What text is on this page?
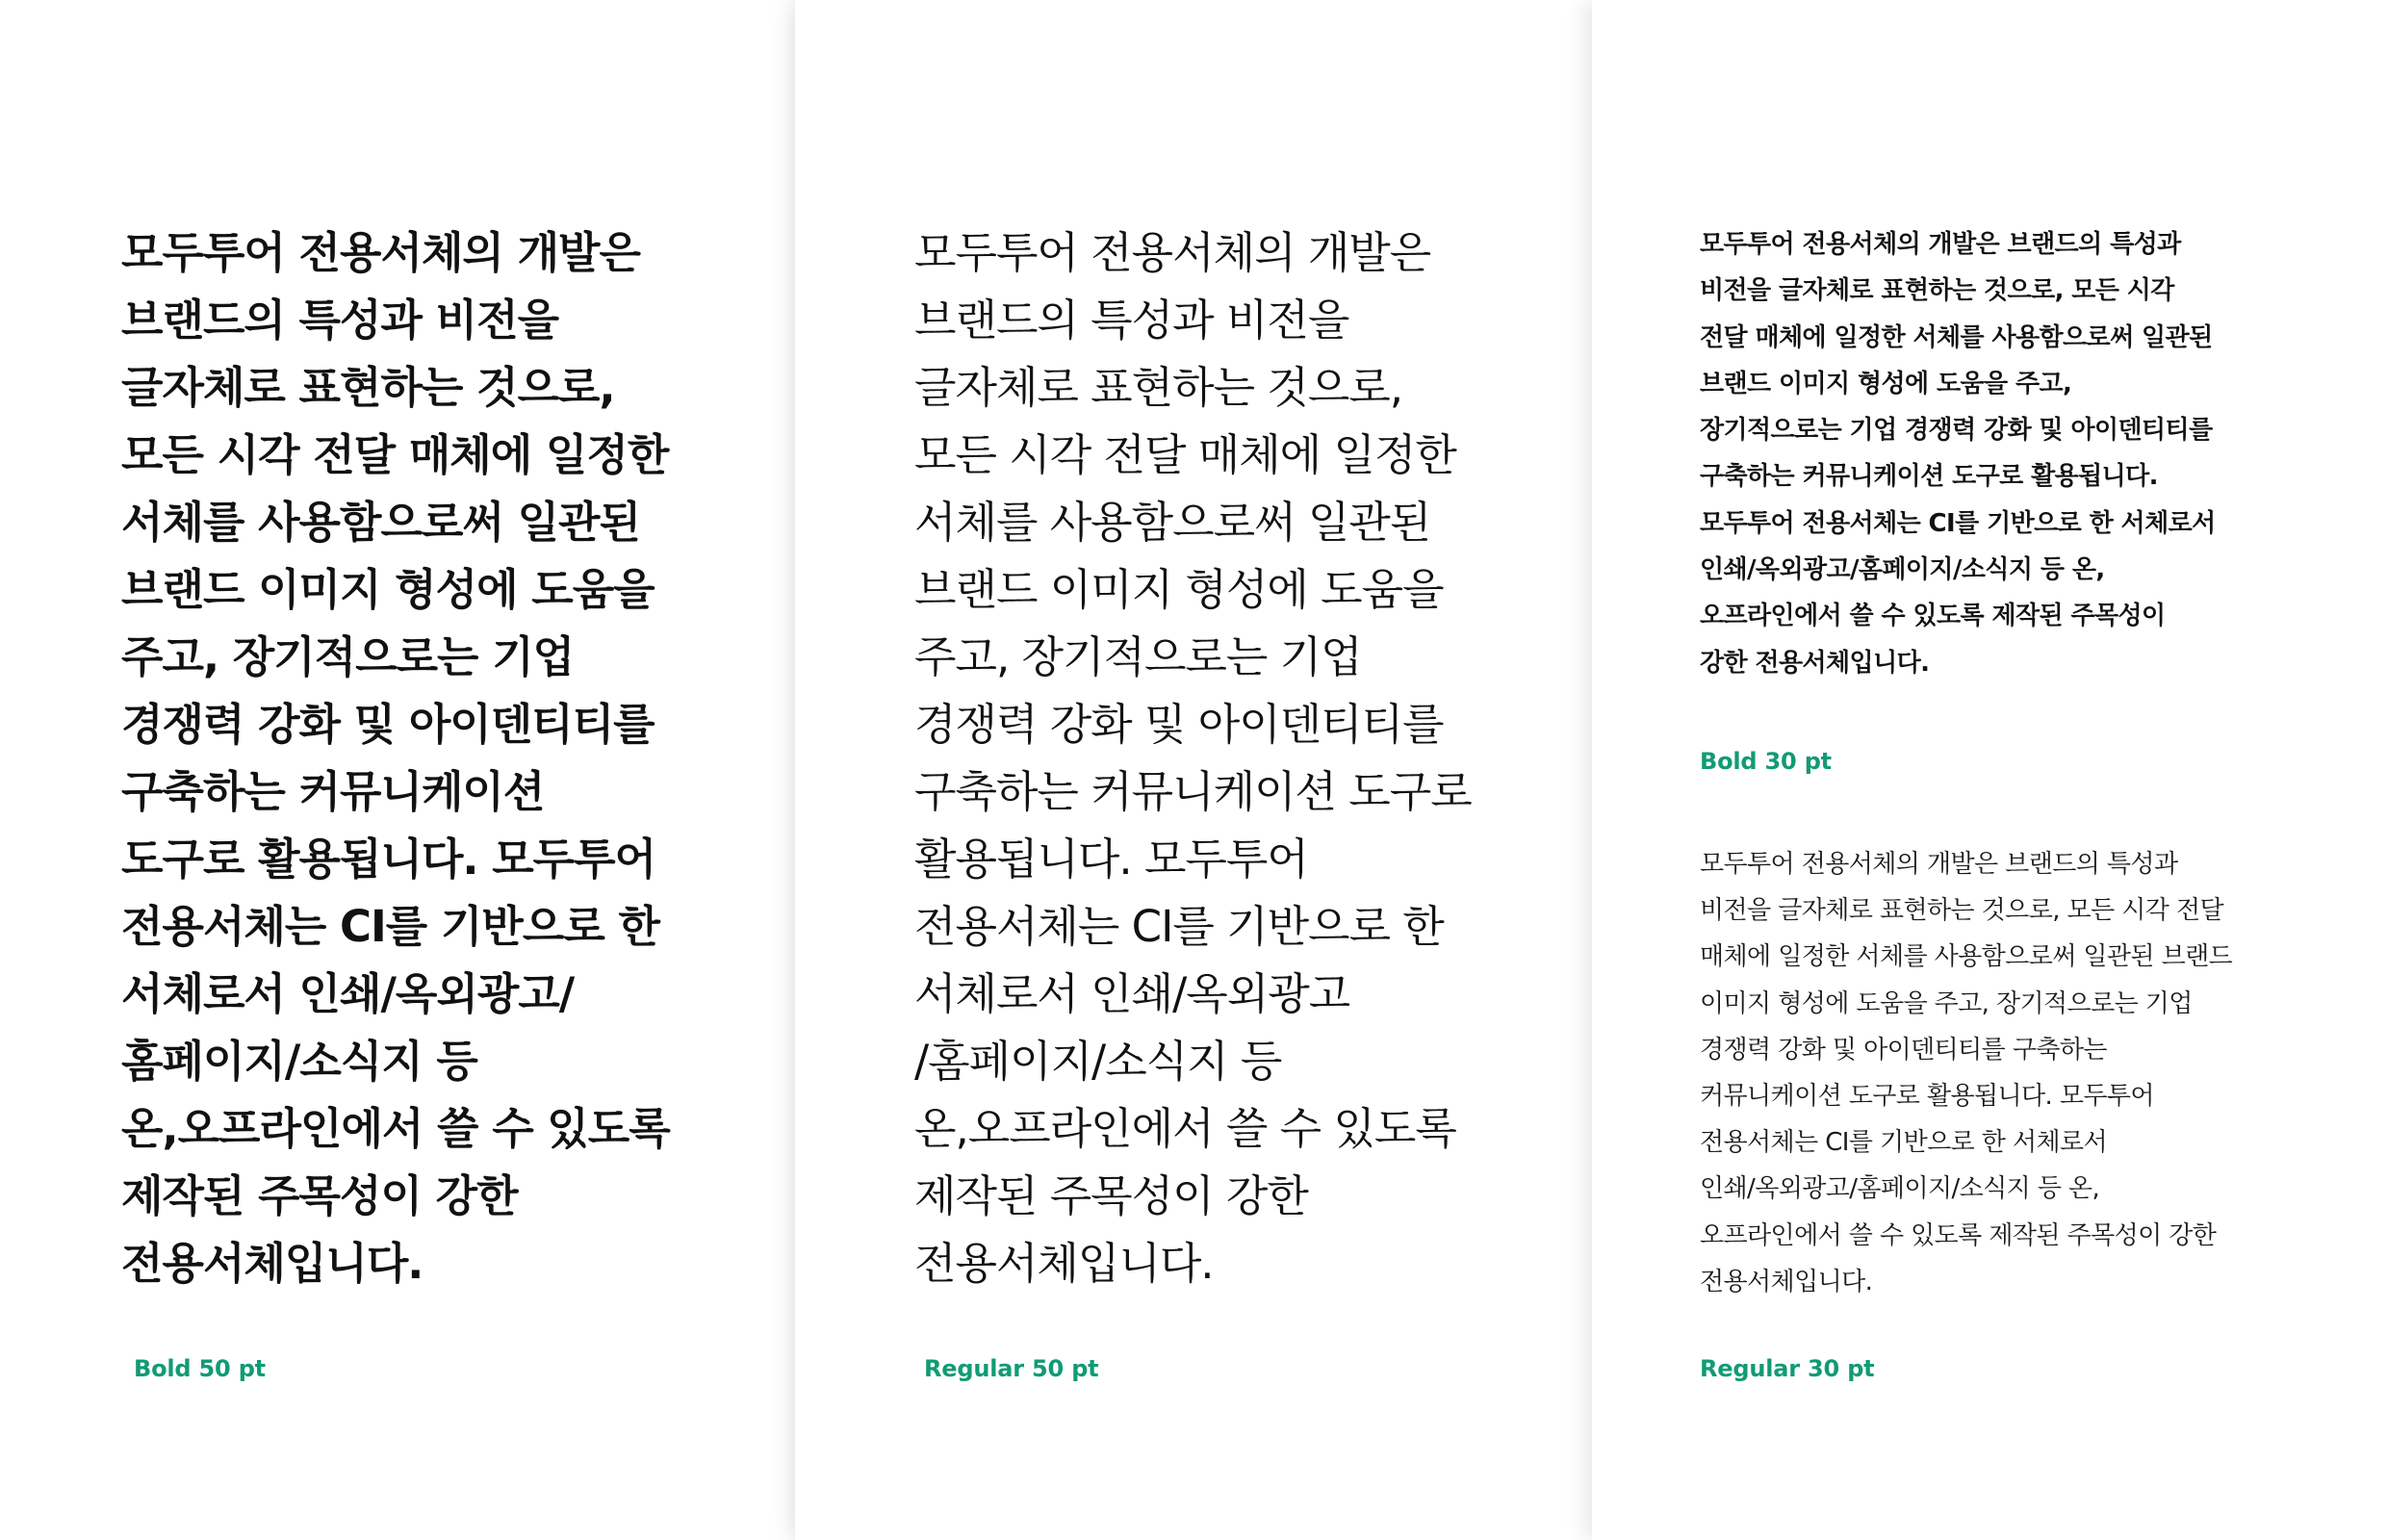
모두투어 전용서체의 개발은
브랜드의 특성과 비전을
글자체로 표현하는 것으로,
모든 시각 전달 매체에 일정한
서체를 사용함으로써 일관된
브랜드 이미지 형성에 도움을
주고, 장기적으로는 기업
경쟁력 강화 및 아이덴티티를
구축하는 커뮤니케이션
도구로 활용됩니다. 모두투어
전용서체는 CI를 기반으로 한
서체로서 인쇄/옥외광고/
홈페이지/소식지 등
온,오프라인에서 쓸 수 있도록
제작된 주목성이 강한
전용서체입니다.

Bold 50 pt

모두투어 전용서체의 개발은
브랜드의 특성과 비전을
글자체로 표현하는 것으로,
모든 시각 전달 매체에 일정한
서체를 사용함으로써 일관된
브랜드 이미지 형성에 도움을
주고, 장기적으로는 기업
경쟁력 강화 및 아이덴티티를
구축하는 커뮤니케이션 도구로
활용됩니다. 모두투어
전용서체는 CI를 기반으로 한
서체로서 인쇄/옥외광고
/홈페이지/소식지 등
온,오프라인에서 쓸 수 있도록
제작된 주목성이 강한
전용서체입니다.

Regular 50 pt

모두투어 전용서체의 개발은 브랜드의 특성과
비전을 글자체로 표현하는 것으로, 모든 시각
전달 매체에 일정한 서체를 사용함으로써 일관된
브랜드 이미지 형성에 도움을 주고,
장기적으로는 기업 경쟁력 강화 및 아이덴티티를
구축하는 커뮤니케이션 도구로 활용됩니다.
모두투어 전용서체는 CI를 기반으로 한 서체로서
인쇄/옥외광고/홈페이지/소식지 등 온,
오프라인에서 쓸 수 있도록 제작된 주목성이
강한 전용서체입니다.

Bold 30 pt

모두투어 전용서체의 개발은 브랜드의 특성과
비전을 글자체로 표현하는 것으로, 모든 시각 전달
매체에 일정한 서체를 사용함으로써 일관된 브랜드
이미지 형성에 도움을 주고, 장기적으로는 기업
경쟁력 강화 및 아이덴티티를 구축하는
커뮤니케이션 도구로 활용됩니다. 모두투어
전용서체는 CI를 기반으로 한 서체로서
인쇄/옥외광고/홈페이지/소식지 등 온,
오프라인에서 쓸 수 있도록 제작된 주목성이 강한
전용서체입니다.

Regular 30 pt
